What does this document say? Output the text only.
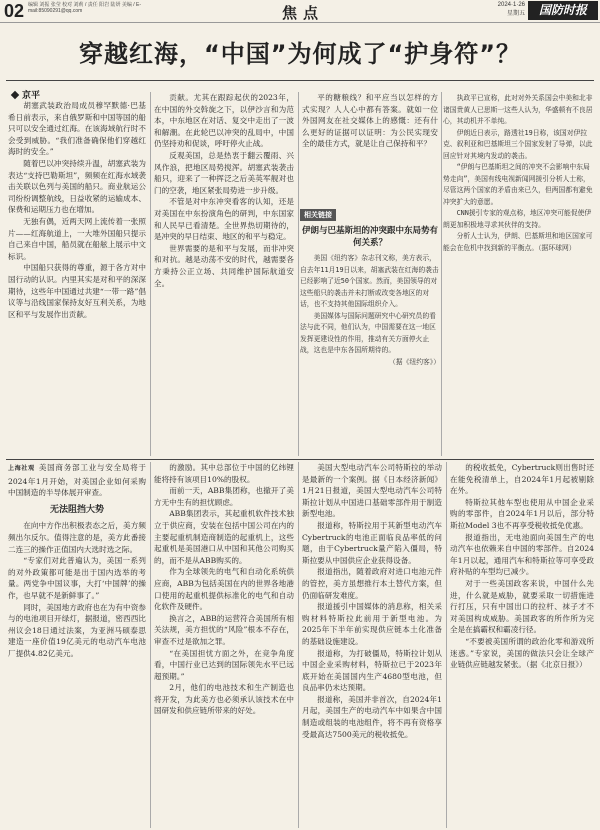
02 编辑 刘振 张莹 校对 刘莉 / 责任 阳岩 陆妍 美编 / E-mail:85090291@qq.com	焦点	2024·1·26
星期五	国防时报
穿越红海，“中国”为何成了“护身符”？
京平

胡塞武装政治局成员穆罕默德·巴基希日前表示，来自俄罗斯和中国等国的船只可以安全通过红海。在该海域航行时不会受到威胁。“我们准备确保他们穿越红海时的安全。”

随着巴以冲突持续升温，胡塞武装为表达“支持巴勒斯坦”，频频在红海水域袭击关联以色列与美国的船只。商业航运公司纷纷调整航线，日益收紧的运输成本、保费和运期压力也在增加。

无独有偶，近两天网上流传着一张照片——红海航道上，一大堆外国船只提示自己来自中国，船员就在船舷上展示中文标识。

中国船只获得的尊重，源于各方对中国行动的认识。内里其实是对和平的深深期待，这些年中国通过共建“一带一路”倡议等与沿线国家保持友好互利关系，为地区和平与发展作出贡献。

贡献。尤其在跟踪起伏的2023年，在中国的外交斡旋之下，以伊沙言和为范本，中东地区在对话、复交中走出了一波和解潮。在此轮巴以冲突的乱局中，中国仍坚持劝和促谈，呼吁停火止战。

反观美国，总是热衷于翻云覆雨、兴风作浪，把地区局势搅浑。胡塞武装袭击船只，迎来了一种挥泛之后美英军舰对也门的空袭，地区紧张局势进一步升级。

不管是对中东冲突看客的认知，还是对美国在中东扮演角色的研判，中东国家和人民早已看清楚。全世界热切期待的，是冲突的早日结束、地区的和平与稳定。

世界需要的是和平与发展，而非冲突和对抗。越是动荡不安的时代，越需要各方秉持公正立场、共同维护国际航道安全。

平的糖粮线？和平应当以怎样的方式实现？人人心中都有答案。就如一位外国网友在社交媒体上的感慨：还有什么更好的证据可以证明：为公民实现安全的最佳方式，就是让自己保持和平？

相关链接
伊朗与巴基斯坦的冲突跟中东局势有何关系？

美国《纽约客》杂志刊文称，美方表示，自去年11月19日以来，胡塞武装在红海的袭击已经影响了近50个国家。然而，美国领导的对这些船只的袭击并未打断或改变各地区的对话，也不支持其他国际组织介入。

美国媒体与国际问题研究中心研究员的看法与此不同，他们认为，中国需要在这一地区发挥更建设性的作用，推动有关方面停火止战，这也是中东各国所期待的。

（据《纽约客》）

执政平已宣称，此对对外关系国会中美和北非诸国贵黄人已思斯一这些人认为，华盛顿有不良居心，其动机并不单纯。

伊朗近日表示，路透社19日称，该国对伊拉克、叙利亚和巴基斯坦三个国家发射了导弹，以此回应针对其境内发动的袭击。

“伊朗与巴基斯坦之间的冲突不会影响中东局势走向”，美国有线电视新闻网援引分析人士称，尽管这两个国家的矛盾由来已久，但两国都有避免冲突扩大的意愿。

CNN援引专家的观点称，地区冲突可能促使伊朗更加积极地寻求其伙伴的支持。

分析人士认为，伊朗、巴基斯坦和地区国家可能会在危机中找到新的平衡点。（据环球网）

上海社观 美国商务部工业与安全局将于2024年1月开始，对美国企业如何采购中国制造的半导体展开审查。

无法阻挡大势

在向中方作出积极表态之后，美方频频出尔反尔。值得注意的是，美方此番接二连三的操作正值国内大选时选之际。

“专家们对此普遍认为，美国一系列的对外政策都可能是出于国内选举的考量。两党争中国议事，大打‘中国牌’的操作，也早就不是新鲜事了。”

同时，美国地方政府也在为有中资参与的电池项目开绿灯，据报道，密西西比州议会18日通过法案，为亚洲马硕泰思建造一座价值19亿美元的电动汽车电池厂提供4.82亿美元。

的激励。其中总部位于中国的亿纬锂能将持有该项目10%的股权。

而前一天，ABB集团称，也撤开了美方无中生有的担忧顾虑。

ABB集团表示，其起重机软件技术独立于供应商，安装在包括中国公司在内的主要起重机制造商制造的起重机上，这些起重机是美国港口从中国和其他公司购买的，而不是从ABB购买的。

作为全球领先的电气和自动化系统供应商，ABB为包括美国在内的世界各地港口使用的起重机提供标准化的电气和自动化软件及硬件。

换言之，ABB的运营符合美国所有相关法规，美方担忧的“风险”根本不存在，审查不过是欲加之罪。

“在美国担忧方面之外，在竞争角度看，中国行业已达到的国际领先水平已远超预期。”

2月，他们的电池技术和生产制造也将开发，为此美方也必须承认该技术在中国研发和供应链所带来的好处。

美国大型电动汽车公司特斯拉的举动是最新的一个案例。据《日本经济新闻》1月21日报道，美国大型电动汽车公司特斯拉计划从中国进口基础零部件用于制造新型电池。

报道称，特斯拉用于其新型电动汽车Cybertruck的电池正面临良品率低的问题，由于Cybertruck量产陷入僵局，特斯拉要从中国供应企业获得设备。

报道指出，随着政府对进口电池元件的管控，美方虽想推行本土替代方案，但仍面临研发难度。

报道援引中国媒体的消息称，相关采购材料特斯拉此前用于新型电池。为2025年下半年前实现供应链本土化准备的基础设施建设。

报道称，为打破僵局，特斯拉计划从中国企业采购材料，特斯拉已于2023年底开始在美国国内生产4680型电池，但良品率仍未达预期。

报道称，美国并非首次，自2024年1月起，美国生产的电动汽车中如果含中国制造或组装的电池组件，将不再有资格享受最高达7500美元的税收抵免。

的税收抵免，Cybertruck则出售时还在能免税清单上，自2024年1月起被剔除在外。

特斯拉其他车型也使用从中国企业采购的零部件，自2024年1月以后，部分特斯拉Model 3也不再享受税收抵免优惠。

报道指出，无电池面向美国生产的电动汽车也依赖来自中国的零部件。自2024年1月以起，通用汽车和特斯拉等可享受政府补贴的车型均已减少。

对于一些美国政客来说，中国什么先进，什么就是威胁，就要采取一切措施进行打压，只有中国出口的拉杆、袜子才不对美国构成威胁。美国政客的所作所为完全是在搞霸权和霸凌行径。

“不要被美国所谓的政治化零和游戏所迷惑。”专家说，美国的做法只会让全球产业链供应链越发紧张。（据《北京日报》）
